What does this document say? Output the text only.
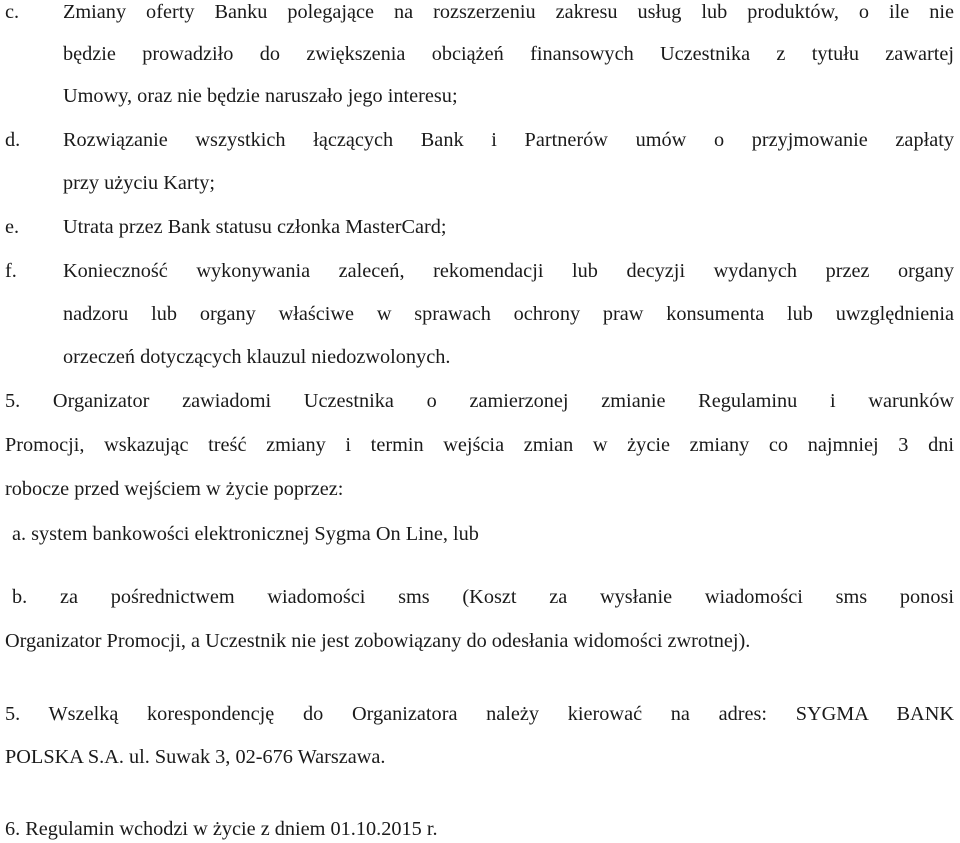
c. Zmiany oferty Banku polegające na rozszerzeniu zakresu usług lub produktów, o ile nie
będzie prowadziło do zwiększenia obciążeń finansowych Uczestnika z tytułu zawartej
Umowy, oraz nie będzie naruszało jego interesu;
d. Rozwiązanie wszystkich łączących Bank i Partnerów umów o przyjmowanie zapłaty
przy użyciu Karty;
e. Utrata przez Bank statusu członka MasterCard;
f. Konieczność wykonywania zaleceń, rekomendacji lub decyzji wydanych przez organy
nadzoru lub organy właściwe w sprawach ochrony praw konsumenta lub uwzględnienia
orzeczeń dotyczących klauzul niedozwolonych.
5. Organizator zawiadomi Uczestnika o zamierzonej zmianie Regulaminu i warunków
Promocji, wskazując treść zmiany i termin wejścia zmian w życie zmiany co najmniej 3 dni
robocze przed wejściem w życie poprzez:
a. system bankowości elektronicznej Sygma On Line, lub
b. za pośrednictwem wiadomości sms (Koszt za wysłanie wiadomości sms ponosi
Organizator Promocji, a Uczestnik nie jest zobowiązany do odesłania widomości zwrotnej).
5. Wszelką korespondencję do Organizatora należy kierować na adres: SYGMA BANK
POLSKA S.A. ul. Suwak 3, 02-676 Warszawa.
6. Regulamin wchodzi w życie z dniem 01.10.2015 r.
